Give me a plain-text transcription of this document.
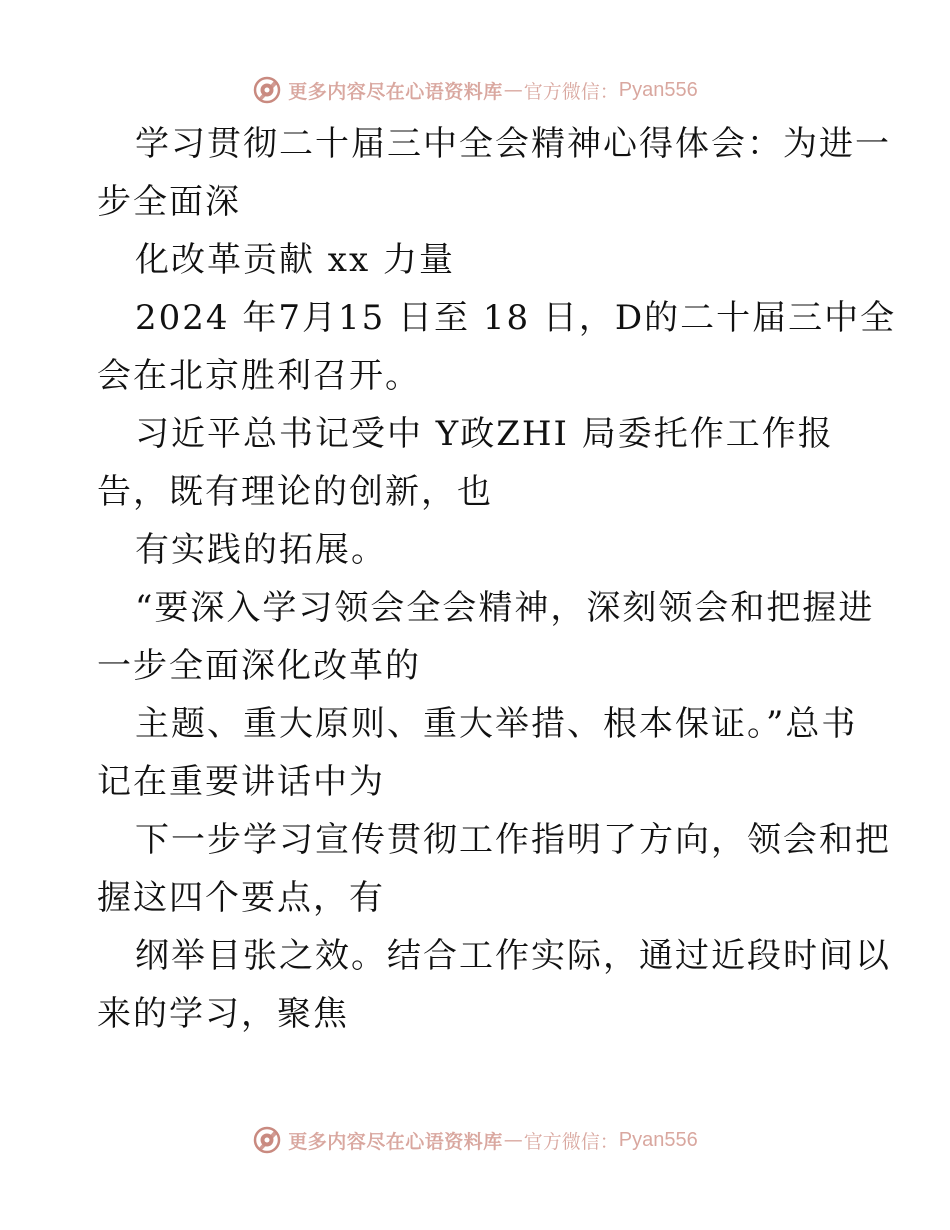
更多内容尽在心语资料库 — 官方微信： Pyan556
学习贯彻二十届三中全会精神心得体会：为进一
步全面深
化改革贡献 xx 力量
2024 年7月15 日至 18 日，D的二十届三中全
会在北京胜利召开。
习近平总书记受中 Y政ZHI 局委托作工作报
告，既有理论的创新，也
有实践的拓展。
“要深入学习领会全会精神，深刻领会和把握进
一步全面深化改革的
主题、重大原则、重大举措、根本保证。”总书
记在重要讲话中为
下一步学习宣传贯彻工作指明了方向，领会和把
握这四个要点，有
纲举目张之效。结合工作实际，通过近段时间以
来的学习，聚焦
更多内容尽在心语资料库 — 官方微信： Pyan556
